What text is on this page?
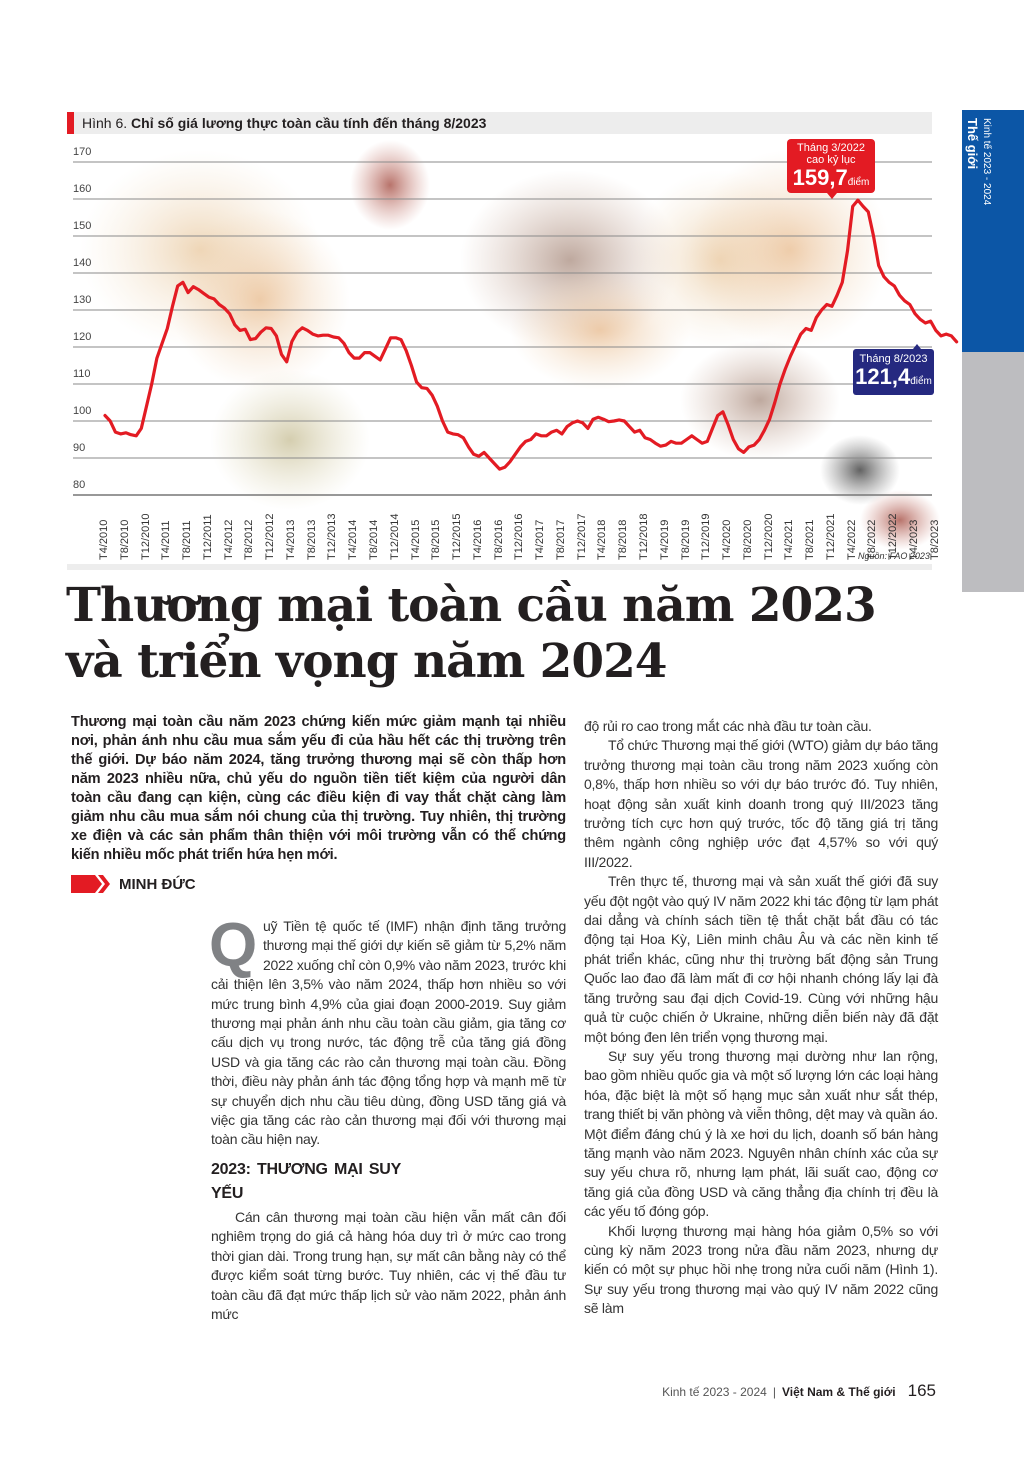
Kinh tế 2023 - 2024
Thế giới
Hình 6. Chỉ số giá lương thực toàn cầu tính đến tháng 8/2023
170
160
150
140
130
120
110
100
90
80
T4/2010 T8/2010 T12/2010 T4/2011 T8/2011 T12/2011 T4/2012 T8/2012 T12/2012 T4/2013 T8/2013 T12/2013 T4/2014 T8/2014 T12/2014 T4/2015 T8/2015 T12/2015 T4/2016 T8/2016 T12/2016 T4/2017 T8/2017 T12/2017 T4/2018 T8/2018 T12/2018 T4/2019 T8/2019 T12/2019 T4/2020 T8/2020 T12/2020 T4/2021 T8/2021 T12/2021 T4/2022 T8/2022 T12/2022 T4/2023 T8/2023
Nguồn: FAO 2023
Tháng 3/2022
cao kỷ lục
159,7điểm
Tháng 8/2023
121,4điểm
Thương mại toàn cầu năm 2023 và triển vọng năm 2024
Thương mại toàn cầu năm 2023 chứng kiến mức giảm mạnh tại nhiều nơi, phản ánh nhu cầu mua sắm yếu đi của hầu hết các thị trường trên thế giới. Dự báo năm 2024, tăng trưởng thương mại sẽ còn thấp hơn năm 2023 nhiều nữa, chủ yếu do nguồn tiền tiết kiệm của người dân toàn cầu đang cạn kiện, cùng các điều kiện đi vay thắt chặt càng làm giảm nhu cầu mua sắm nói chung của thị trường. Tuy nhiên, thị trường xe điện và các sản phẩm thân thiện với môi trường vẫn có thể chứng kiến nhiều mốc phát triển hứa hẹn mới.
MINH ĐỨC

Quỹ Tiền tệ quốc tế (IMF) nhận định tăng trưởng thương mại thế giới dự kiến sẽ giảm từ 5,2% năm 2022 xuống chỉ còn 0,9% vào năm 2023, trước khi cải thiện lên 3,5% vào năm 2024, thấp hơn nhiều so với mức trung bình 4,9% của giai đoạn 2000-2019. Suy giảm thương mại phản ánh nhu cầu toàn cầu giảm, gia tăng cơ cấu dịch vụ trong nước, tác động trễ của tăng giá đồng USD và gia tăng các rào cản thương mại toàn cầu. Đồng thời, điều này phản ánh tác động tổng hợp và mạnh mẽ từ sự chuyển dịch nhu cầu tiêu dùng, đồng USD tăng giá và việc gia tăng các rào cản thương mại đối với thương mại toàn cầu hiện nay.

2023: THƯƠNG MẠI SUY YẾU

Cán cân thương mại toàn cầu hiện vẫn mất cân đối nghiêm trọng do giá cả hàng hóa duy trì ở mức cao trong thời gian dài. Trong trung hạn, sự mất cân bằng này có thể được kiểm soát từng bước. Tuy nhiên, các vị thế đầu tư toàn cầu đã đạt mức thấp lịch sử vào năm 2022, phản ánh mức

độ rủi ro cao trong mắt các nhà đầu tư toàn cầu.

Tổ chức Thương mại thế giới (WTO) giảm dự báo tăng trưởng thương mại toàn cầu trong năm 2023 xuống còn 0,8%, thấp hơn nhiều so với dự báo trước đó. Tuy nhiên, hoạt động sản xuất kinh doanh trong quý III/2023 tăng trưởng tích cực hơn quý trước, tốc độ tăng giá trị tăng thêm ngành công nghiệp ước đạt 4,57% so với quý III/2022.

Trên thực tế, thương mại và sản xuất thế giới đã suy yếu đột ngột vào quý IV năm 2022 khi tác động từ lạm phát dai dẳng và chính sách tiền tệ thắt chặt bắt đầu có tác động tại Hoa Kỳ, Liên minh châu Âu và các nền kinh tế phát triển khác, cũng như thị trường bất động sản Trung Quốc lao đao đã làm mất đi cơ hội nhanh chóng lấy lại đà tăng trưởng sau đại dịch Covid-19. Cùng với những hậu quả từ cuộc chiến ở Ukraine, những diễn biến này đã đặt một bóng đen lên triển vọng thương mại.

Sự suy yếu trong thương mại dường như lan rộng, bao gồm nhiều quốc gia và một số lượng lớn các loại hàng hóa, đặc biệt là một số hạng mục sản xuất như sắt thép, trang thiết bị văn phòng và viễn thông, dệt may và quần áo. Một điểm đáng chú ý là xe hơi du lịch, doanh số bán hàng tăng mạnh vào năm 2023. Nguyên nhân chính xác của sự suy yếu chưa rõ, nhưng lạm phát, lãi suất cao, động cơ tăng giá của đồng USD và căng thẳng địa chính trị đều là các yếu tố đóng góp.

Khối lượng thương mại hàng hóa giảm 0,5% so với cùng kỳ năm 2023 trong nửa đầu năm 2023, nhưng dự kiến có một sự phục hồi nhẹ trong nửa cuối năm (Hình 1). Sự suy yếu trong thương mại vào quý IV năm 2022 cũng sẽ làm

Kinh tế 2023 - 2024 | Việt Nam & Thế giới 165
